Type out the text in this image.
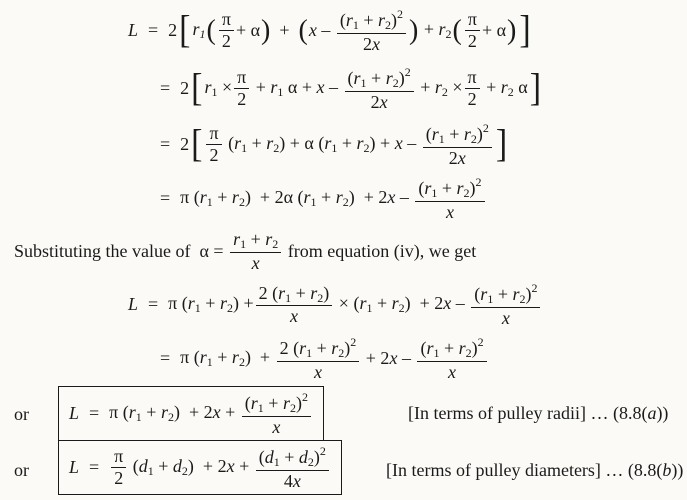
L = 2 [ $r_1$ ( $\frac{\pi}{2} + \alpha$ ) + ( x – $\frac{(r_1 + r_2)^2}{2x}$ ) + $r_2$ ( $\frac{\pi}{2} + \alpha$ ) ]
= 2 [ $r_1 \times \frac{\pi}{2} + r_1$ $\alpha + x - \frac{(r_1 + r_2)^2}{2x} + r_2 \times \frac{\pi}{2} + r_2$ α ]
= 2 [ $\frac{\pi}{2} (r_1 + r_2) + \alpha$ $(r_1 + r_2) + x - \frac{(r_1 + r_2)^2}{2x}$ ]
= π $(r_1 + r_2) + 2\alpha$ $(r_1 + r_2) + 2x - \frac{(r_1 + r_2)^2}{x}$
Substituting the value of $\alpha = \frac{r_1 + r_2}{x}$
from equation (iv), we get
L = π $(r_1 + r_2) + \frac{2 (r_1 + r_2)}{x} \times (r_1 + r_2) + 2x - \frac{(r_1 + r_2)^2}{x}$
= π $(r_1 + r_2) + \frac{2 (r_1 + r_2)^2}{x} + 2x - \frac{(r_1 + r_2)^2}{x}$
or L = π $(r_1 + r_2) + 2x + \frac{(r_1 + r_2)^2}{x}$	[In terms of pulley radii] … (8.8( a ))
or $L = \frac{\pi}{2} (d_1 + d_2) + 2x + \frac{(d_1 + d_2)^2}{4x}$	[In terms of pulley diameters] … (8.8( b ))
